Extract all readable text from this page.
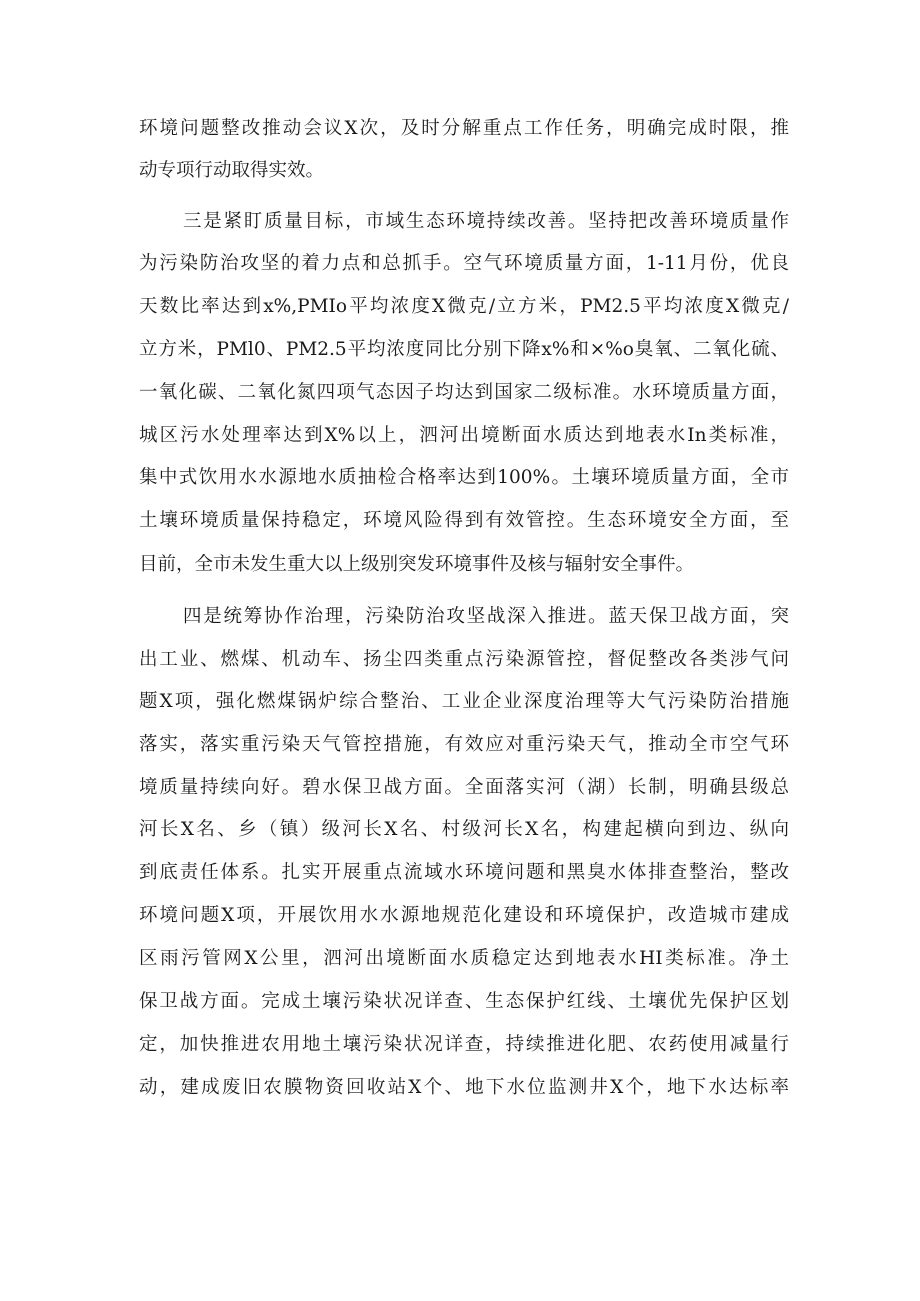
环境问题整改推动会议X次，及时分解重点工作任务，明确完成时限，推
动专项行动取得实效。
三是紧盯质量目标，市域生态环境持续改善。坚持把改善环境质量作
为污染防治攻坚的着力点和总抓手。空气环境质量方面，1-11月份，优良
天数比率达到x%,PMIo平均浓度X微克/立方米，PM2.5平均浓度X微克/
立方米，PMl0、PM2.5平均浓度同比分别下降x%和×%o臭氧、二氧化硫、
一氧化碳、二氧化氮四项气态因子均达到国家二级标准。水环境质量方面，
城区污水处理率达到X%以上，泗河出境断面水质达到地表水In类标准，
集中式饮用水水源地水质抽检合格率达到100%。土壤环境质量方面，全市
土壤环境质量保持稳定，环境风险得到有效管控。生态环境安全方面，至
目前，全市未发生重大以上级别突发环境事件及核与辐射安全事件。
四是统筹协作治理，污染防治攻坚战深入推进。蓝天保卫战方面，突
出工业、燃煤、机动车、扬尘四类重点污染源管控，督促整改各类涉气问
题X项，强化燃煤锅炉综合整治、工业企业深度治理等大气污染防治措施
落实，落实重污染天气管控措施，有效应对重污染天气，推动全市空气环
境质量持续向好。碧水保卫战方面。全面落实河（湖）长制，明确县级总
河长X名、乡（镇）级河长X名、村级河长X名，构建起横向到边、纵向
到底责任体系。扎实开展重点流域水环境问题和黑臭水体排查整治，整改
环境问题X项，开展饮用水水源地规范化建设和环境保护，改造城市建成
区雨污管网X公里，泗河出境断面水质稳定达到地表水HI类标准。净土
保卫战方面。完成土壤污染状况详查、生态保护红线、土壤优先保护区划
定，加快推进农用地土壤污染状况详查，持续推进化肥、农药使用减量行
动，建成废旧农膜物资回收站X个、地下水位监测井X个，地下水达标率
